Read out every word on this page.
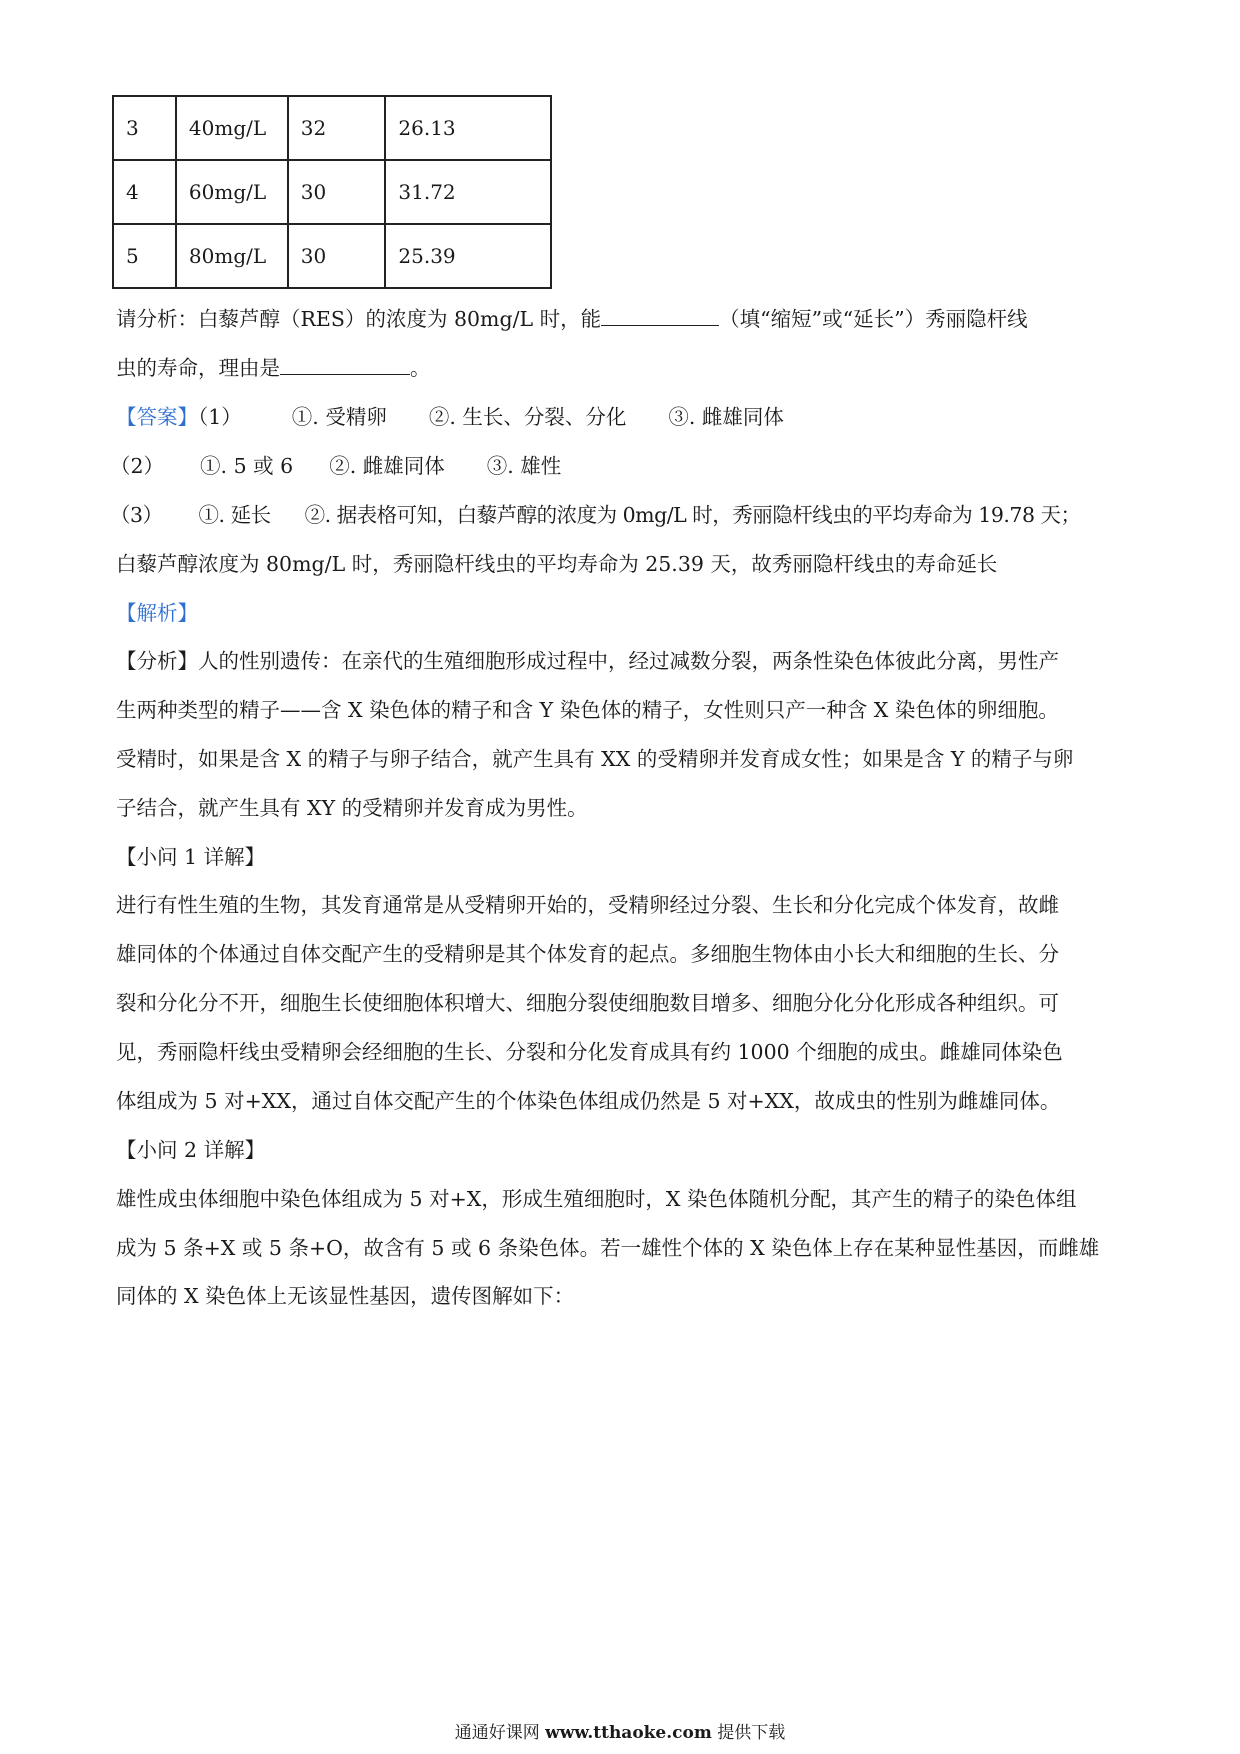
3	40mg/L	32	26.13
4	60mg/L	30	31.72
5	80mg/L	30	25.39
请分析：白藜芦醇（RES）的浓度为 80mg/L 时，能	（填“缩短”或“延长”）秀丽隐杆线
虫的寿命，理由是	。
【答案】（1） ①. 受精卵 ②. 生长、分裂、分化 ③. 雌雄同体
（2） ①. 5 或 6 ②. 雌雄同体 ③. 雄性
（3） ①. 延长 ②. 据表格可知，白藜芦醇的浓度为 0mg/L 时，秀丽隐杆线虫的平均寿命为 19.78 天；
白藜芦醇浓度为 80mg/L 时，秀丽隐杆线虫的平均寿命为 25.39 天，故秀丽隐杆线虫的寿命延长
【解析】
【分析】人的性别遗传：在亲代的生殖细胞形成过程中，经过减数分裂，两条性染色体彼此分离，男性产
生两种类型的精子——含 X 染色体的精子和含 Y 染色体的精子，女性则只产一种含 X 染色体的卵细胞。
受精时，如果是含 X 的精子与卵子结合，就产生具有 XX 的受精卵并发育成女性；如果是含 Y 的精子与卵
子结合，就产生具有 XY 的受精卵并发育成为男性。
【小问 1 详解】
进行有性生殖的生物，其发育通常是从受精卵开始的，受精卵经过分裂、生长和分化完成个体发育，故雌
雄同体的个体通过自体交配产生的受精卵是其个体发育的起点。多细胞生物体由小长大和细胞的生长、分
裂和分化分不开，细胞生长使细胞体积增大、细胞分裂使细胞数目增多、细胞分化分化形成各种组织。可
见，秀丽隐杆线虫受精卵会经细胞的生长、分裂和分化发育成具有约 1000 个细胞的成虫。雌雄同体染色
体组成为 5 对+XX，通过自体交配产生的个体染色体组成仍然是 5 对+XX，故成虫的性别为雌雄同体。
【小问 2 详解】
雄性成虫体细胞中染色体组成为 5 对+X，形成生殖细胞时，X 染色体随机分配，其产生的精子的染色体组
成为 5 条+X 或 5 条+O，故含有 5 或 6 条染色体。若一雄性个体的 X 染色体上存在某种显性基因，而雌雄
同体的 X 染色体上无该显性基因，遗传图解如下：
通通好课网 www.tthaoke.com 提供下载
